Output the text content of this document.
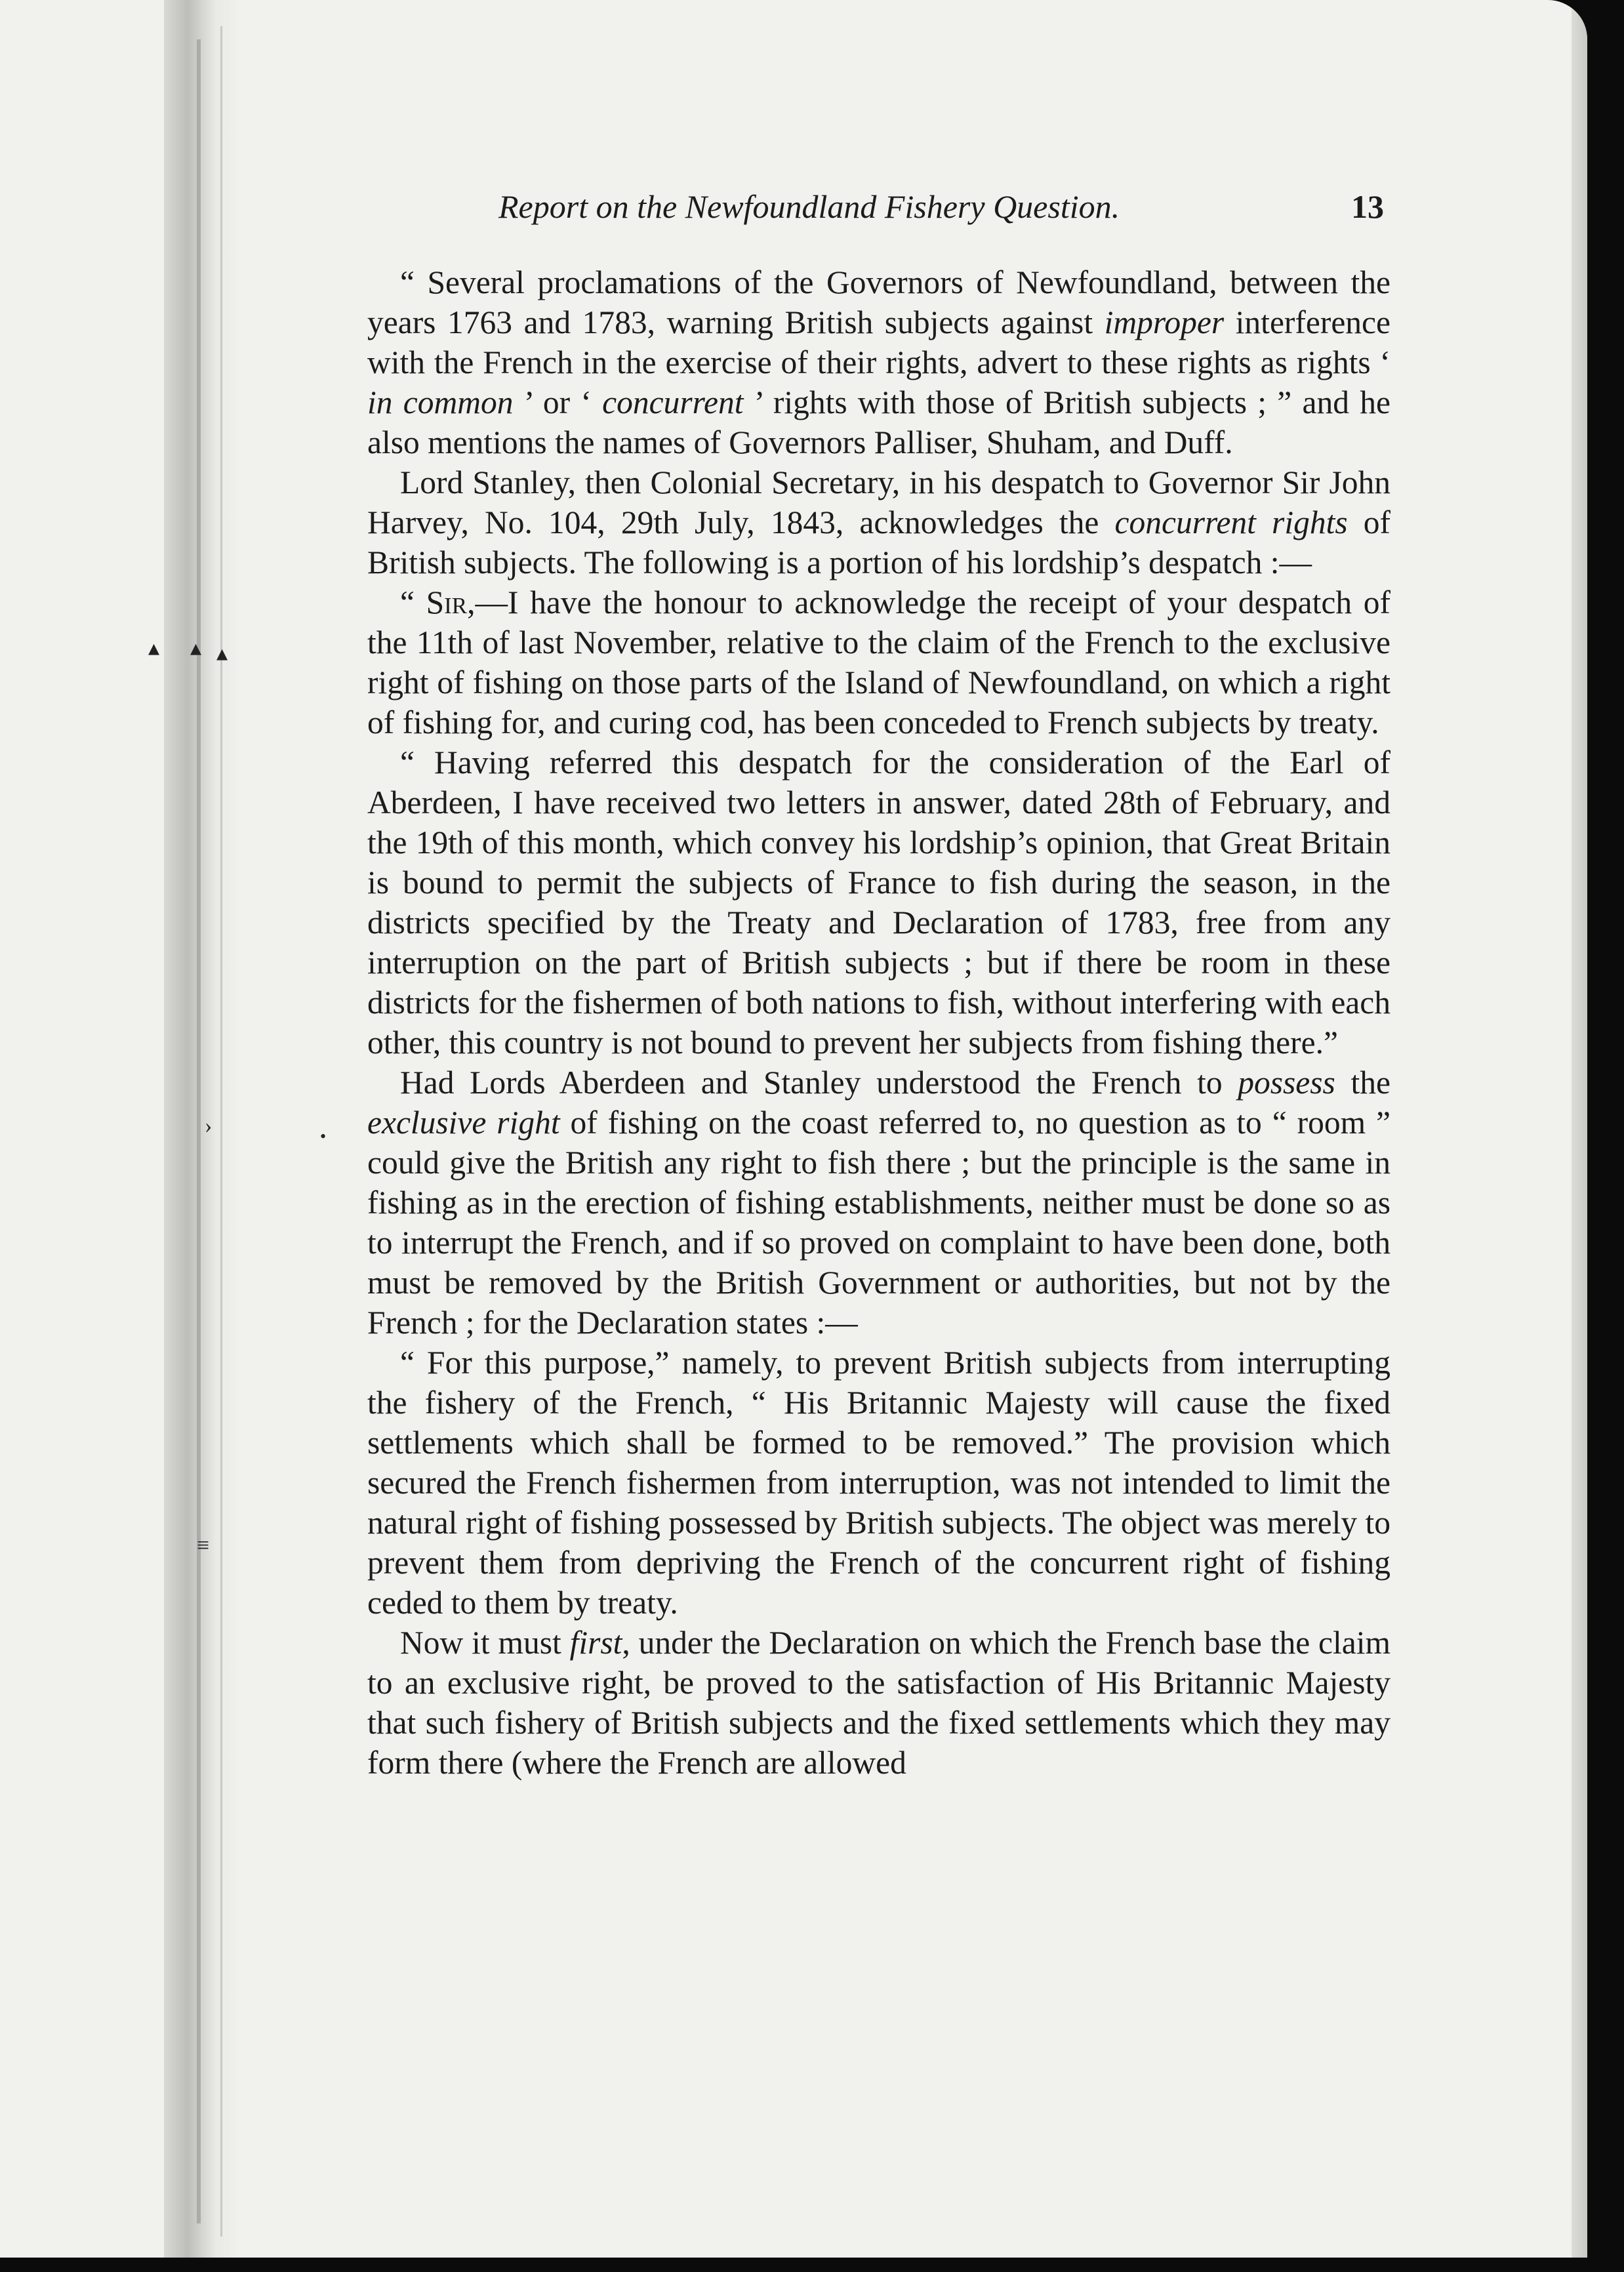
▴ ▴ ▴
•
›
≡
Report on the Newfoundland Fishery Question.	13

“ Several proclamations of the Governors of Newfoundland, between the years 1763 and 1783, warning British subjects against improper interference with the French in the exercise of their rights, advert to these rights as rights ‘ in common ’ or ‘ concurrent ’ rights with those of British subjects ; ” and he also mentions the names of Governors Palliser, Shuham, and Duff.

Lord Stanley, then Colonial Secretary, in his despatch to Governor Sir John Harvey, No. 104, 29th July, 1843, acknowledges the concurrent rights of British subjects. The following is a portion of his lordship’s despatch :—

“ Sir,—I have the honour to acknowledge the receipt of your despatch of the 11th of last November, relative to the claim of the French to the exclusive right of fishing on those parts of the Island of Newfoundland, on which a right of fishing for, and curing cod, has been conceded to French subjects by treaty.

“ Having referred this despatch for the consideration of the Earl of Aberdeen, I have received two letters in answer, dated 28th of February, and the 19th of this month, which convey his lordship’s opinion, that Great Britain is bound to permit the subjects of France to fish during the season, in the districts specified by the Treaty and Declaration of 1783, free from any interruption on the part of British subjects ; but if there be room in these districts for the fishermen of both nations to fish, without interfering with each other, this country is not bound to prevent her subjects from fishing there.”

Had Lords Aberdeen and Stanley understood the French to possess the exclusive right of fishing on the coast referred to, no question as to “ room ” could give the British any right to fish there ; but the principle is the same in fishing as in the erection of fishing establishments, neither must be done so as to interrupt the French, and if so proved on complaint to have been done, both must be removed by the British Government or authorities, but not by the French ; for the Declaration states :—

“ For this purpose,” namely, to prevent British subjects from interrupting the fishery of the French, “ His Britannic Majesty will cause the fixed settlements which shall be formed to be removed.” The provision which secured the French fishermen from interruption, was not intended to limit the natural right of fishing possessed by British subjects. The object was merely to prevent them from depriving the French of the concurrent right of fishing ceded to them by treaty.

Now it must first, under the Declaration on which the French base the claim to an exclusive right, be proved to the satisfaction of His Britannic Majesty that such fishery of British subjects and the fixed settlements which they may form there (where the French are allowed
